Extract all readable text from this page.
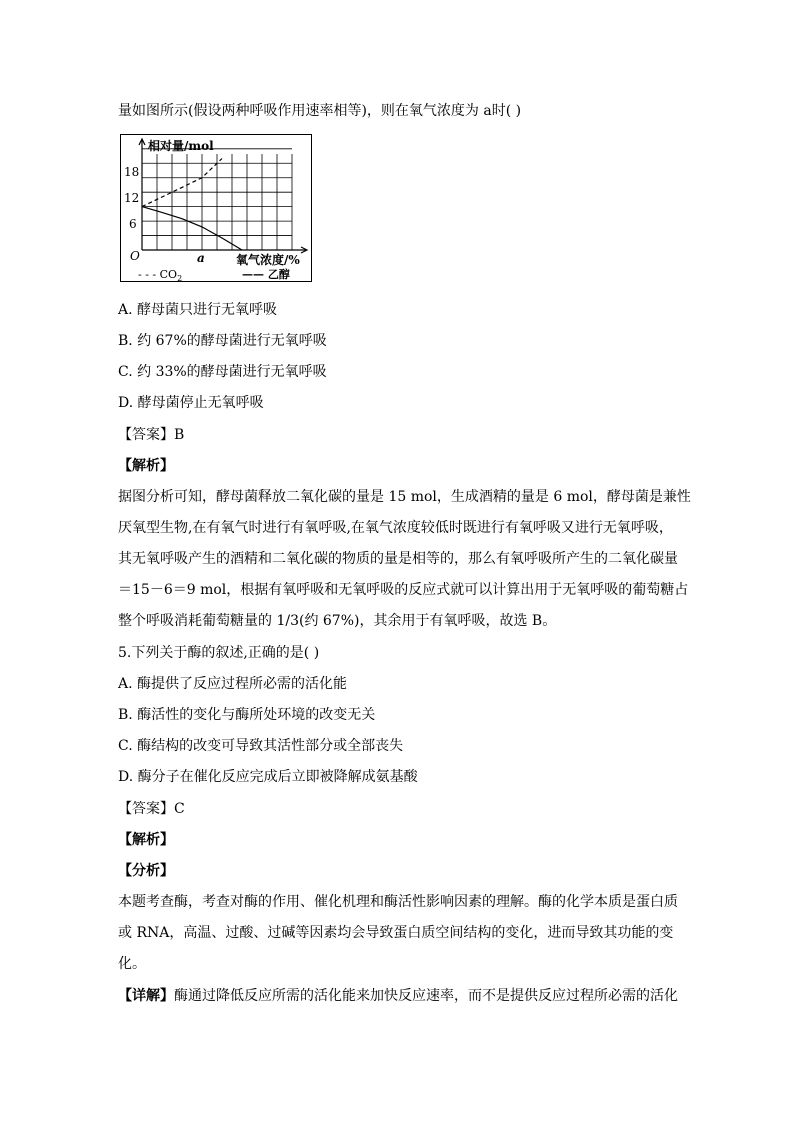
量如图所示(假设两种呼吸作用速率相等)，则在氧气浓度为 a时( )
相对量/mol
18
12
6
O	a	氧气浓度/%
- - - $CO_2$	—— 乙醇
A. 酵母菌只进行无氧呼吸
B. 约 67%的酵母菌进行无氧呼吸
C. 约 33%的酵母菌进行无氧呼吸
D. 酵母菌停止无氧呼吸
【答案】B
【解析】
据图分析可知，酵母菌释放二氧化碳的量是 15 mol，生成酒精的量是 6 mol，酵母菌是兼性
厌氧型生物,在有氧气时进行有氧呼吸,在氧气浓度较低时既进行有氧呼吸又进行无氧呼吸，
其无氧呼吸产生的酒精和二氧化碳的物质的量是相等的，那么有氧呼吸所产生的二氧化碳量
＝15－6＝9 mol，根据有氧呼吸和无氧呼吸的反应式就可以计算出用于无氧呼吸的葡萄糖占
整个呼吸消耗葡萄糖量的 1/3(约 67%)，其余用于有氧呼吸，故选 B。
5.下列关于酶的叙述,正确的是( )
A. 酶提供了反应过程所必需的活化能
B. 酶活性的变化与酶所处环境的改变无关
C. 酶结构的改变可导致其活性部分或全部丧失
D. 酶分子在催化反应完成后立即被降解成氨基酸
【答案】C
【解析】
【分析】
本题考查酶，考查对酶的作用、催化机理和酶活性影响因素的理解。酶的化学本质是蛋白质
或 RNA，高温、过酸、过碱等因素均会导致蛋白质空间结构的变化，进而导致其功能的变
化。
【详解】酶通过降低反应所需的活化能来加快反应速率，而不是提供反应过程所必需的活化
